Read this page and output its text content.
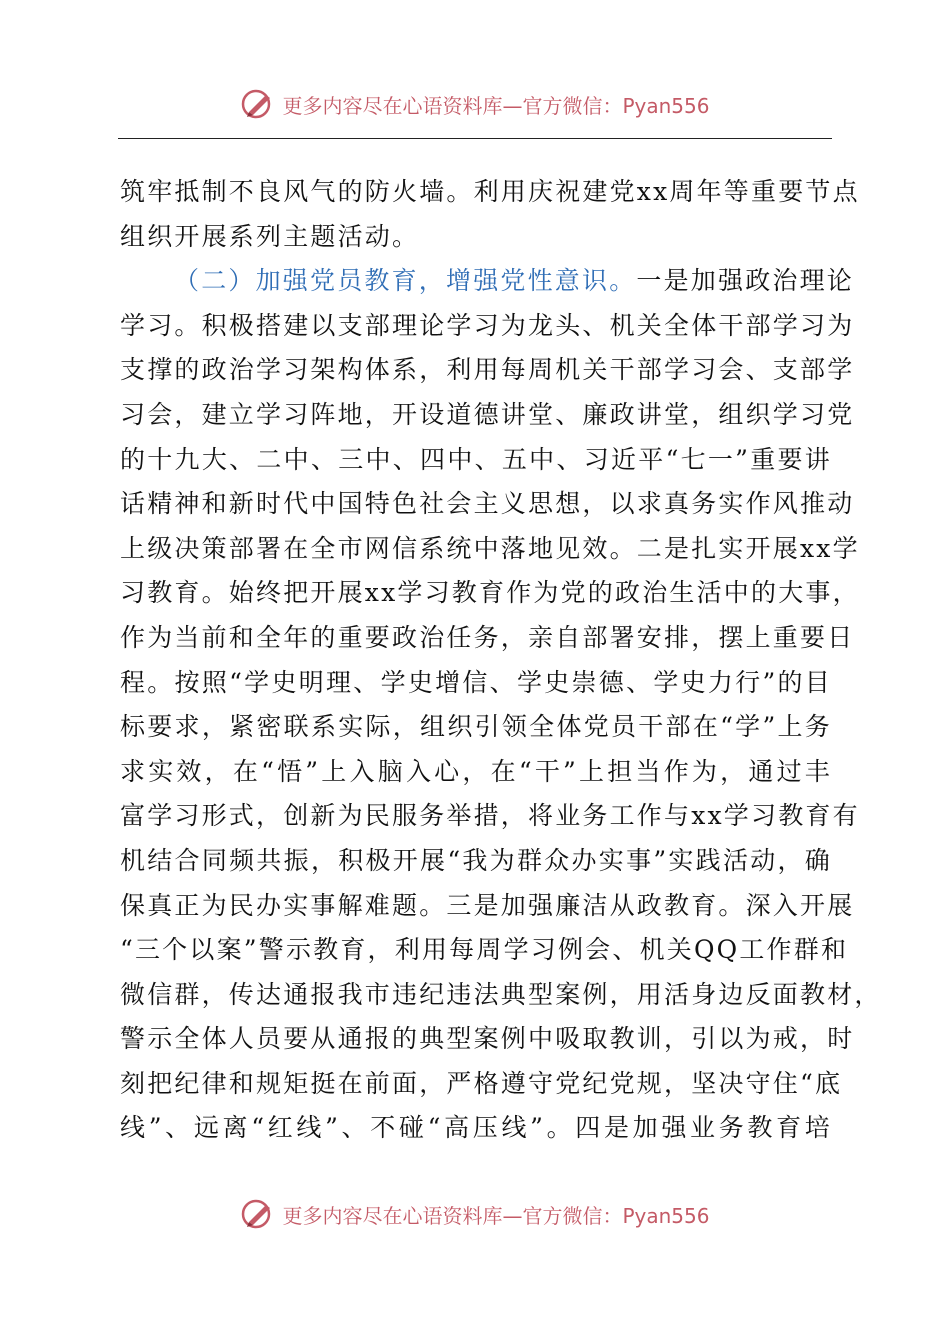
更多内容尽在心语资料库—官方微信：Pyan556

筑牢抵制不良风气的防火墙。利用庆祝建党xx周年等重要节点
组织开展系列主题活动。

（二）加强党员教育，增强党性意识。一是加强政治理论
学习。积极搭建以支部理论学习为龙头、机关全体干部学习为
支撑的政治学习架构体系，利用每周机关干部学习会、支部学
习会，建立学习阵地，开设道德讲堂、廉政讲堂，组织学习党
的十九大、二中、三中、四中、五中、习近平“七一”重要讲
话精神和新时代中国特色社会主义思想，以求真务实作风推动
上级决策部署在全市网信系统中落地见效。二是扎实开展xx学
习教育。始终把开展xx学习教育作为党的政治生活中的大事，
作为当前和全年的重要政治任务，亲自部署安排，摆上重要日
程。按照“学史明理、学史增信、学史崇德、学史力行”的目
标要求，紧密联系实际，组织引领全体党员干部在“学”上务
求实效，在“悟”上入脑入心，在“干”上担当作为，通过丰
富学习形式，创新为民服务举措，将业务工作与xx学习教育有
机结合同频共振，积极开展“我为群众办实事”实践活动，确
保真正为民办实事解难题。三是加强廉洁从政教育。深入开展
“三个以案”警示教育，利用每周学习例会、机关QQ工作群和
微信群，传达通报我市违纪违法典型案例，用活身边反面教材，
警示全体人员要从通报的典型案例中吸取教训，引以为戒，时
刻把纪律和规矩挺在前面，严格遵守党纪党规，坚决守住“底
线”、远离“红线”、不碰“高压线”。四是加强业务教育培

更多内容尽在心语资料库—官方微信：Pyan556
